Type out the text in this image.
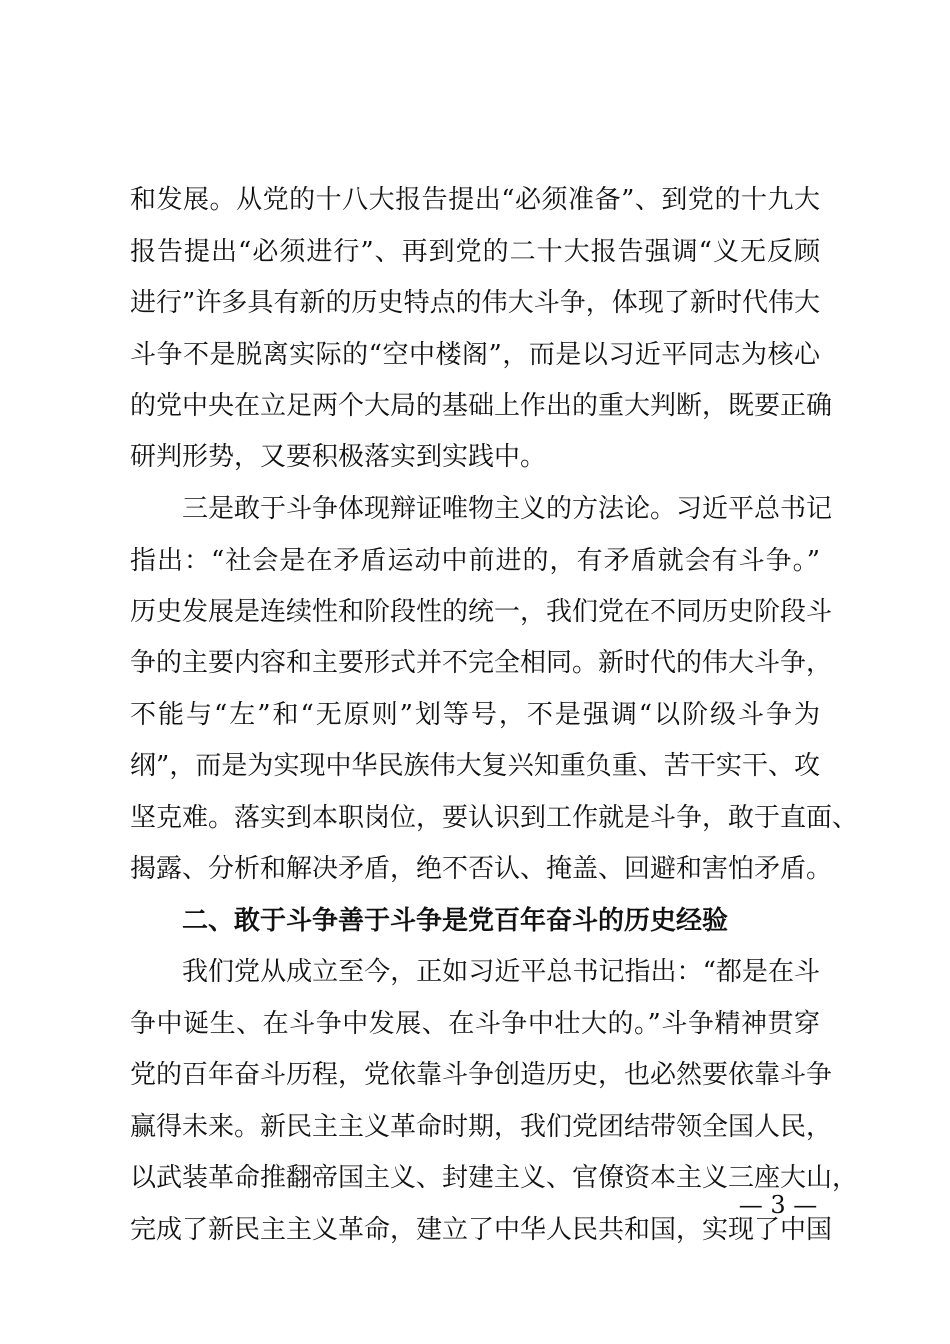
和发展。从党的十八大报告提出“必须准备”、到党的十九大
报告提出“必须进行”、再到党的二十大报告强调“义无反顾
进行”许多具有新的历史特点的伟大斗争，体现了新时代伟大
斗争不是脱离实际的“空中楼阁”，而是以习近平同志为核心
的党中央在立足两个大局的基础上作出的重大判断，既要正确
研判形势，又要积极落实到实践中。
三是敢于斗争体现辩证唯物主义的方法论。习近平总书记
指出：“社会是在矛盾运动中前进的，有矛盾就会有斗争。”
历史发展是连续性和阶段性的统一，我们党在不同历史阶段斗
争的主要内容和主要形式并不完全相同。新时代的伟大斗争，
不能与“左”和“无原则”划等号，不是强调“以阶级斗争为
纲”，而是为实现中华民族伟大复兴知重负重、苦干实干、攻
坚克难。落实到本职岗位，要认识到工作就是斗争，敢于直面、
揭露、分析和解决矛盾，绝不否认、掩盖、回避和害怕矛盾。
二、敢于斗争善于斗争是党百年奋斗的历史经验
我们党从成立至今，正如习近平总书记指出：“都是在斗
争中诞生、在斗争中发展、在斗争中壮大的。”斗争精神贯穿
党的百年奋斗历程，党依靠斗争创造历史，也必然要依靠斗争
赢得未来。新民主主义革命时期，我们党团结带领全国人民，
以武装革命推翻帝国主义、封建主义、官僚资本主义三座大山，
完成了新民主主义革命，建立了中华人民共和国，实现了中国
— 3 —
